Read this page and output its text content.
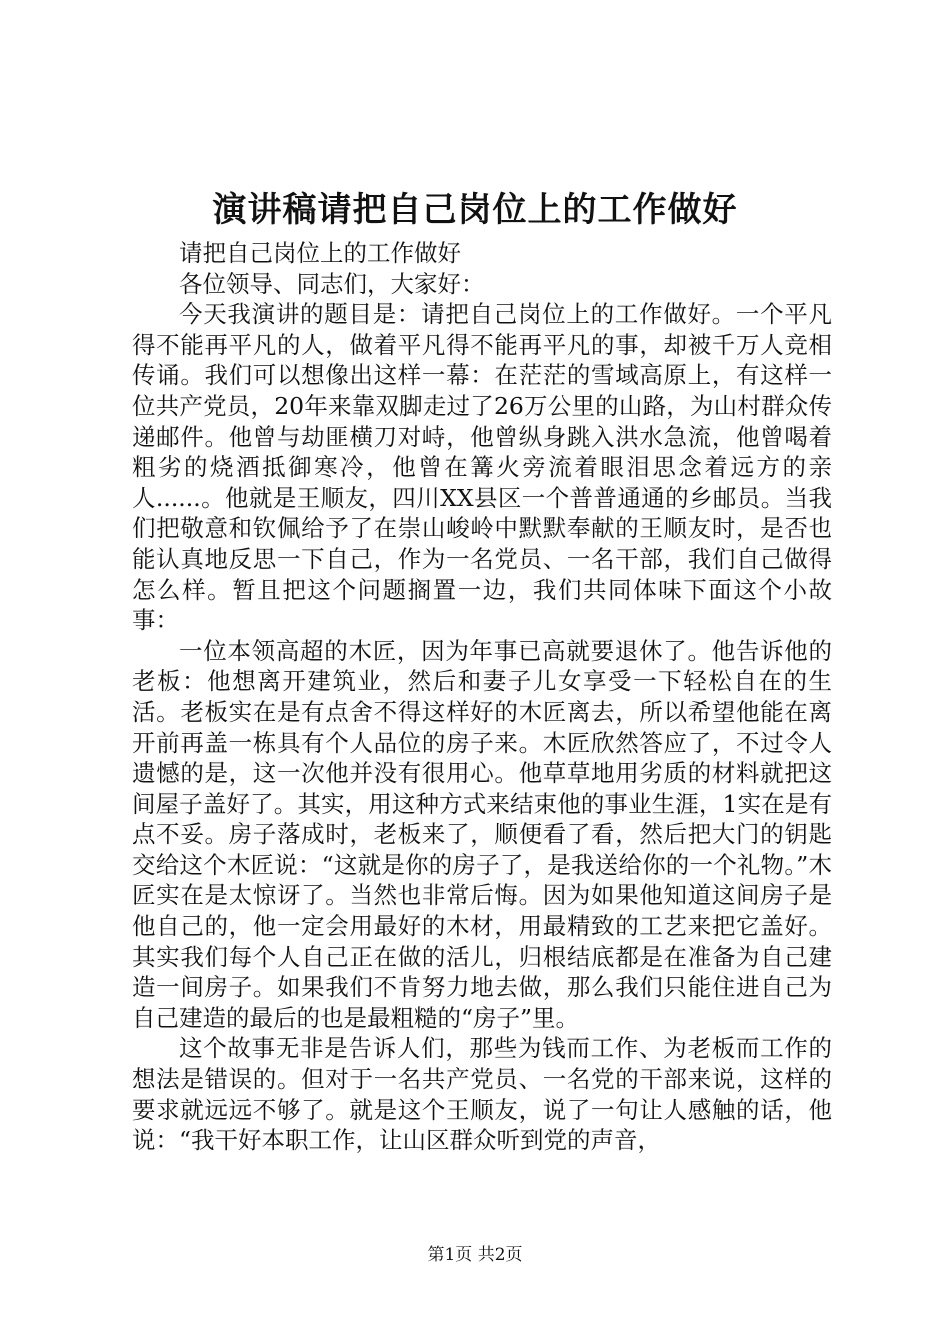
演讲稿请把自己岗位上的工作做好

请把自己岗位上的工作做好

各位领导、同志们，大家好：

今天我演讲的题目是：请把自己岗位上的工作做好。一个平凡得不能再平凡的人，做着平凡得不能再平凡的事，却被千万人竞相传诵。我们可以想像出这样一幕：在茫茫的雪域高原上，有这样一位共产党员，20年来靠双脚走过了26万公里的山路，为山村群众传递邮件。他曾与劫匪横刀对峙，他曾纵身跳入洪水急流，他曾喝着粗劣的烧酒抵御寒冷，他曾在篝火旁流着眼泪思念着远方的亲人......。他就是王顺友，四川XX县区一个普普通通的乡邮员。当我们把敬意和钦佩给予了在崇山峻岭中默默奉献的王顺友时，是否也能认真地反思一下自己，作为一名党员、一名干部，我们自己做得怎么样。暂且把这个问题搁置一边，我们共同体味下面这个小故事：

一位本领高超的木匠，因为年事已高就要退休了。他告诉他的老板：他想离开建筑业，然后和妻子儿女享受一下轻松自在的生活。老板实在是有点舍不得这样好的木匠离去，所以希望他能在离开前再盖一栋具有个人品位的房子来。木匠欣然答应了，不过令人遗憾的是，这一次他并没有很用心。他草草地用劣质的材料就把这间屋子盖好了。其实，用这种方式来结束他的事业生涯，1实在是有点不妥。房子落成时，老板来了，顺便看了看，然后把大门的钥匙交给这个木匠说：“这就是你的房子了，是我送给你的一个礼物。”木匠实在是太惊讶了。当然也非常后悔。因为如果他知道这间房子是他自己的，他一定会用最好的木材，用最精致的工艺来把它盖好。其实我们每个人自己正在做的活儿，归根结底都是在准备为自己建造一间房子。如果我们不肯努力地去做，那么我们只能住进自己为自己建造的最后的也是最粗糙的“房子”里。

这个故事无非是告诉人们，那些为钱而工作、为老板而工作的想法是错误的。但对于一名共产党员、一名党的干部来说，这样的要求就远远不够了。就是这个王顺友，说了一句让人感触的话，他说：“我干好本职工作，让山区群众听到党的声音，

第1页 共2页
